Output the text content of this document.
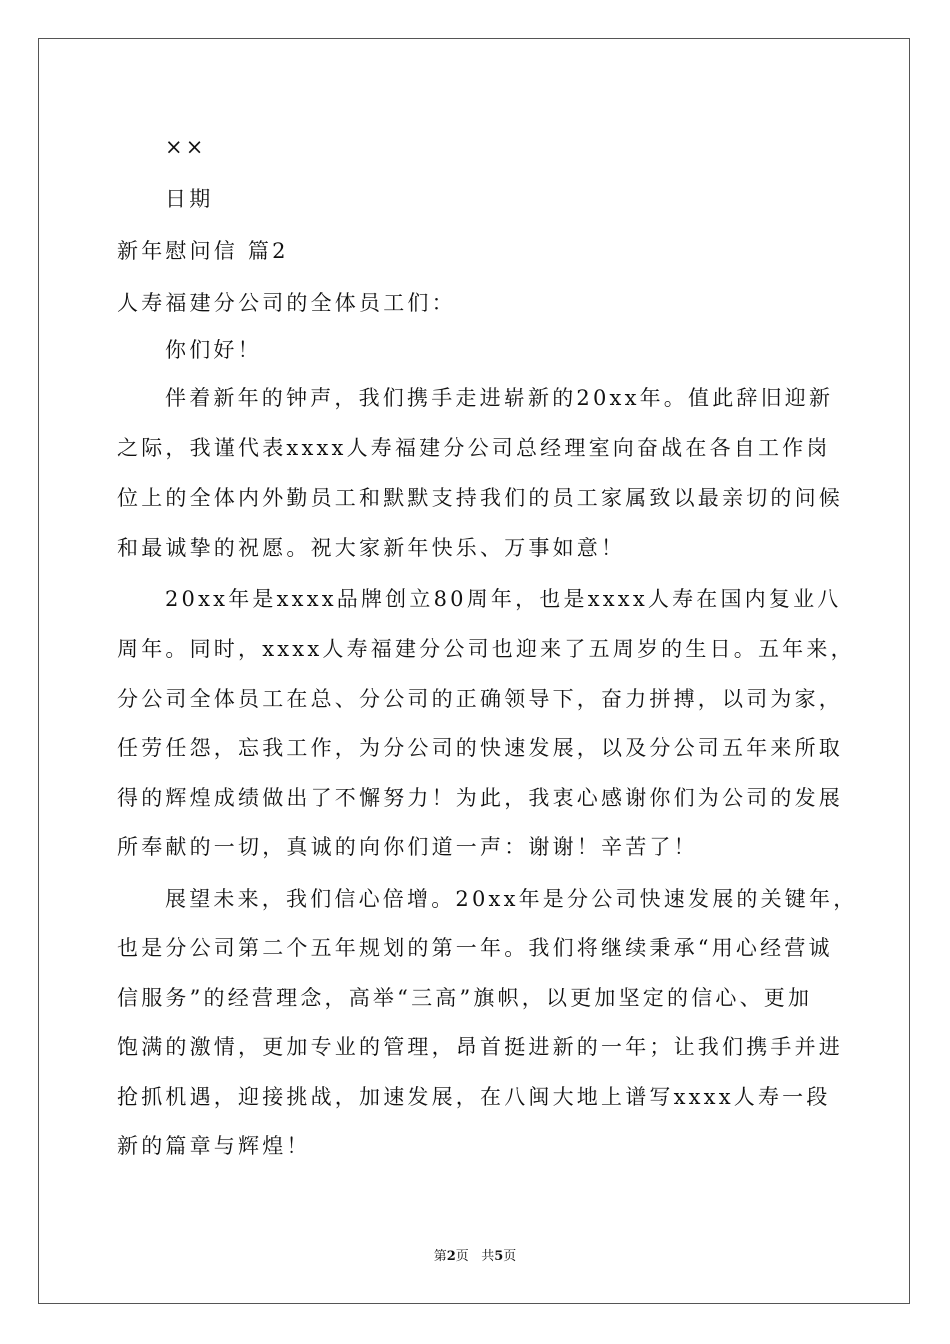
××
日期
新年慰问信 篇2
人寿福建分公司的全体员工们：
你们好！
伴着新年的钟声，我们携手走进崭新的20xx年。值此辞旧迎新
之际，我谨代表xxxx人寿福建分公司总经理室向奋战在各自工作岗
位上的全体内外勤员工和默默支持我们的员工家属致以最亲切的问候
和最诚挚的祝愿。祝大家新年快乐、万事如意！
20xx年是xxxx品牌创立80周年，也是xxxx人寿在国内复业八
周年。同时，xxxx人寿福建分公司也迎来了五周岁的生日。五年来，
分公司全体员工在总、分公司的正确领导下，奋力拼搏，以司为家，
任劳任怨，忘我工作，为分公司的快速发展，以及分公司五年来所取
得的辉煌成绩做出了不懈努力！为此，我衷心感谢你们为公司的发展
所奉献的一切，真诚的向你们道一声：谢谢！辛苦了！
展望未来，我们信心倍增。20xx年是分公司快速发展的关键年，
也是分公司第二个五年规划的第一年。我们将继续秉承“用心经营诚
信服务”的经营理念，高举“三高”旗帜，以更加坚定的信心、更加
饱满的激情，更加专业的管理，昂首挺进新的一年；让我们携手并进
抢抓机遇，迎接挑战，加速发展，在八闽大地上谱写xxxx人寿一段
新的篇章与辉煌！
第2页 共5页
